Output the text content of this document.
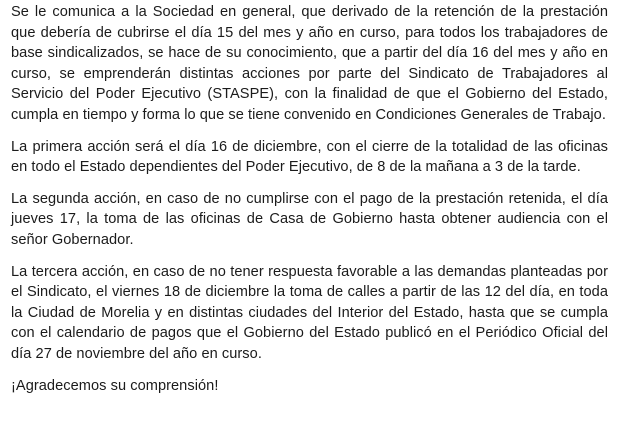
Se le comunica a la Sociedad en general, que derivado de la retención de la prestación que debería de cubrirse el día 15 del mes y año en curso, para todos los trabajadores de base sindicalizados, se hace de su conocimiento, que a partir del día 16 del mes y año en curso, se emprenderán distintas acciones por parte del Sindicato de Trabajadores al Servicio del Poder Ejecutivo (STASPE), con la finalidad de que el Gobierno del Estado, cumpla en tiempo y forma lo que se tiene convenido en Condiciones Generales de Trabajo.

La primera acción será el día 16 de diciembre, con el cierre de la totalidad de las oficinas en todo el Estado dependientes del Poder Ejecutivo, de 8 de la mañana a 3 de la tarde.

La segunda acción, en caso de no cumplirse con el pago de la prestación retenida, el día jueves 17, la toma de las oficinas de Casa de Gobierno hasta obtener audiencia con el señor Gobernador.

La tercera acción, en caso de no tener respuesta favorable a las demandas planteadas por el Sindicato, el viernes 18 de diciembre la toma de calles a partir de las 12 del día, en toda la Ciudad de Morelia y en distintas ciudades del Interior del Estado, hasta que se cumpla con el calendario de pagos que el Gobierno del Estado publicó en el Periódico Oficial del día 27 de noviembre del año en curso.

¡Agradecemos su comprensión!
